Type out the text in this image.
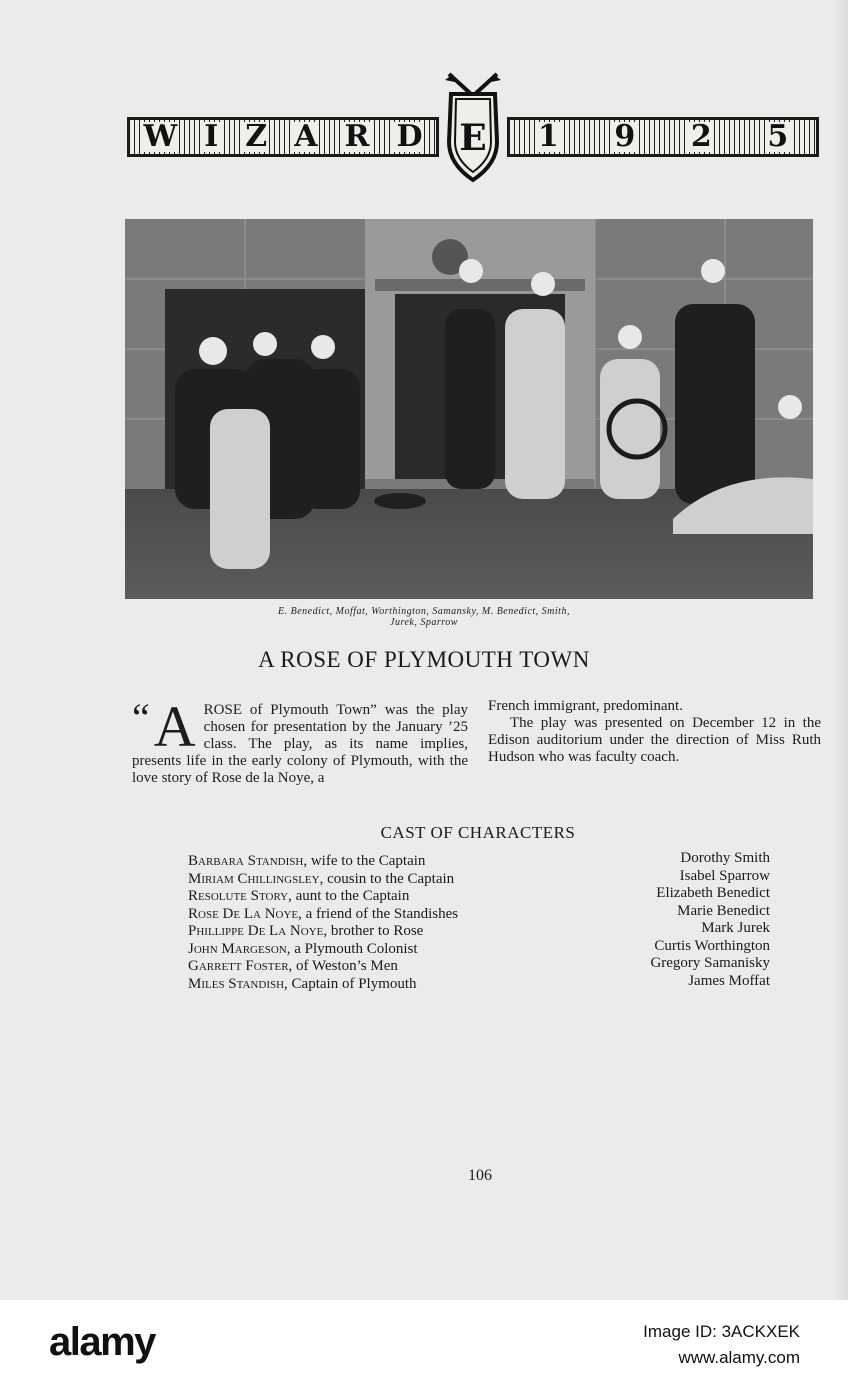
W I Z A R D E 1 9 2 5
E. Benedict, Moffat, Worthington, Samansky, M. Benedict, Smith,
Jurek, Sparrow
A ROSE OF PLYMOUTH TOWN
“ A ROSE of Plymouth Town” was the play chosen for presentation by the January ’25 class. The play, as its name implies, presents life in the early colony of Plymouth, with the love story of Rose de la Noye, a

French immigrant, predominant.

The play was presented on December 12 in the Edison auditorium under the direction of Miss Ruth Hudson who was faculty coach.

CAST OF CHARACTERS
Barbara Standish, wife to the Captain
Miriam Chillingsley, cousin to the Captain
Resolute Story, aunt to the Captain
Rose De La Noye, a friend of the Standishes
Phillippe De La Noye, brother to Rose
John Margeson, a Plymouth Colonist
Garrett Foster, of Weston’s Men
Miles Standish, Captain of Plymouth
Dorothy Smith
Isabel Sparrow
Elizabeth Benedict
Marie Benedict
Mark Jurek
Curtis Worthington
Gregory Samanisky
James Moffat
106
alamy	Image ID: 3ACKXEK
www.alamy.com
